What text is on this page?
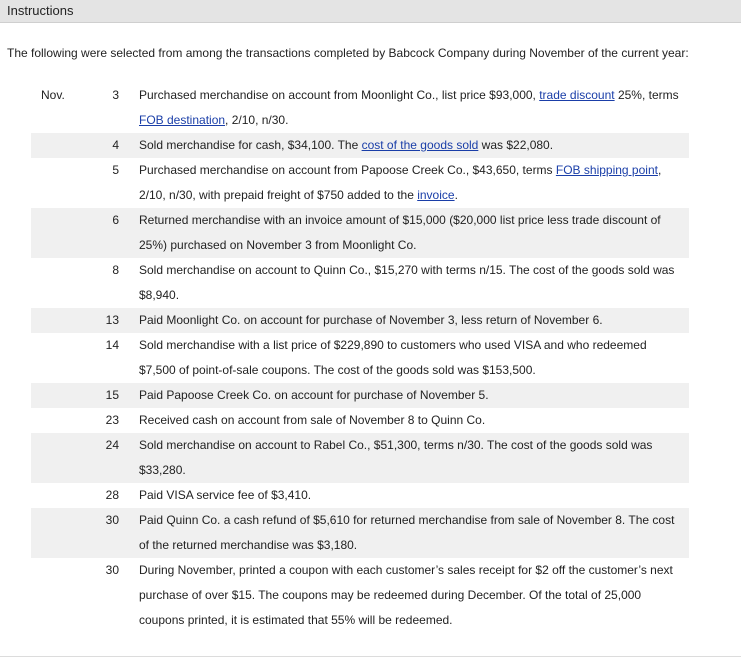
Instructions
The following were selected from among the transactions completed by Babcock Company during November of the current year:
Nov.	3	Purchased merchandise on account from Moonlight Co., list price $93,000, trade discount 25%, terms FOB destination, 2/10, n/30.
	4	Sold merchandise for cash, $34,100. The cost of the goods sold was $22,080.
	5	Purchased merchandise on account from Papoose Creek Co., $43,650, terms FOB shipping point, 2/10, n/30, with prepaid freight of $750 added to the invoice.
	6	Returned merchandise with an invoice amount of $15,000 ($20,000 list price less trade discount of 25%) purchased on November 3 from Moonlight Co.
	8	Sold merchandise on account to Quinn Co., $15,270 with terms n/15. The cost of the goods sold was $8,940.
	13	Paid Moonlight Co. on account for purchase of November 3, less return of November 6.
	14	Sold merchandise with a list price of $229,890 to customers who used VISA and who redeemed $7,500 of point-of-sale coupons. The cost of the goods sold was $153,500.
	15	Paid Papoose Creek Co. on account for purchase of November 5.
	23	Received cash on account from sale of November 8 to Quinn Co.
	24	Sold merchandise on account to Rabel Co., $51,300, terms n/30. The cost of the goods sold was $33,280.
	28	Paid VISA service fee of $3,410.
	30	Paid Quinn Co. a cash refund of $5,610 for returned merchandise from sale of November 8. The cost of the returned merchandise was $3,180.
	30	During November, printed a coupon with each customer’s sales receipt for $2 off the customer’s next purchase of over $15. The coupons may be redeemed during December. Of the total of 25,000 coupons printed, it is estimated that 55% will be redeemed.
